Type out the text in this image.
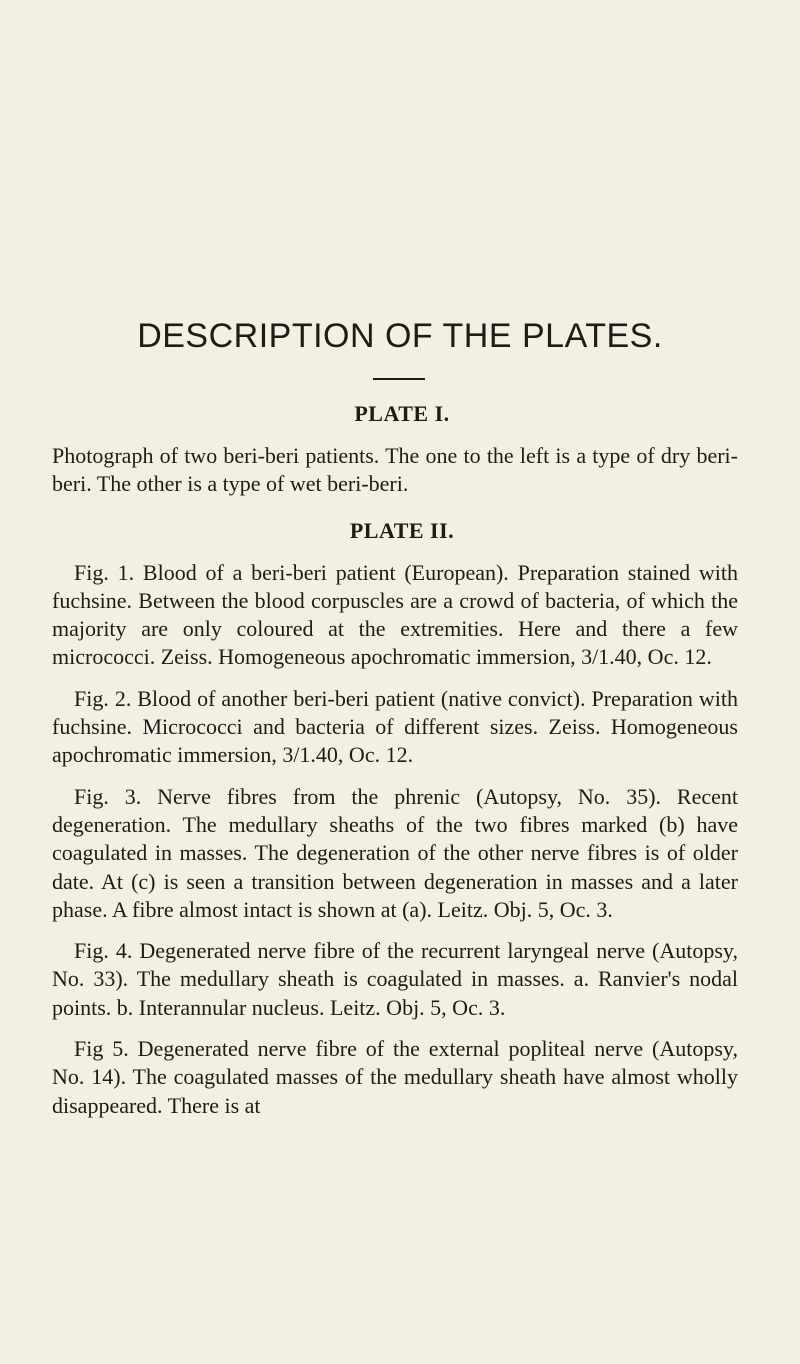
DESCRIPTION OF THE PLATES.
PLATE I.

Photograph of two beri-beri patients. The one to the left is a type of dry beri-beri. The other is a type of wet beri-beri.

PLATE II.

Fig. 1. Blood of a beri-beri patient (European). Preparation stained with fuchsine. Between the blood corpuscles are a crowd of bacteria, of which the majority are only coloured at the extremities. Here and there a few micrococci. Zeiss. Homogeneous apochromatic immersion, 3/1.40, Oc. 12.

Fig. 2. Blood of another beri-beri patient (native convict). Preparation with fuchsine. Micrococci and bacteria of different sizes. Zeiss. Homogeneous apochromatic immersion, 3/1.40, Oc. 12.

Fig. 3. Nerve fibres from the phrenic (Autopsy, No. 35). Recent degeneration. The medullary sheaths of the two fibres marked (b) have coagulated in masses. The degeneration of the other nerve fibres is of older date. At (c) is seen a transition between degeneration in masses and a later phase. A fibre almost intact is shown at (a). Leitz. Obj. 5, Oc. 3.

Fig. 4. Degenerated nerve fibre of the recurrent laryngeal nerve (Autopsy, No. 33). The medullary sheath is coagulated in masses. a. Ranvier's nodal points. b. Interannular nucleus. Leitz. Obj. 5, Oc. 3.

Fig 5. Degenerated nerve fibre of the external popliteal nerve (Autopsy, No. 14). The coagulated masses of the medullary sheath have almost wholly disappeared. There is at
